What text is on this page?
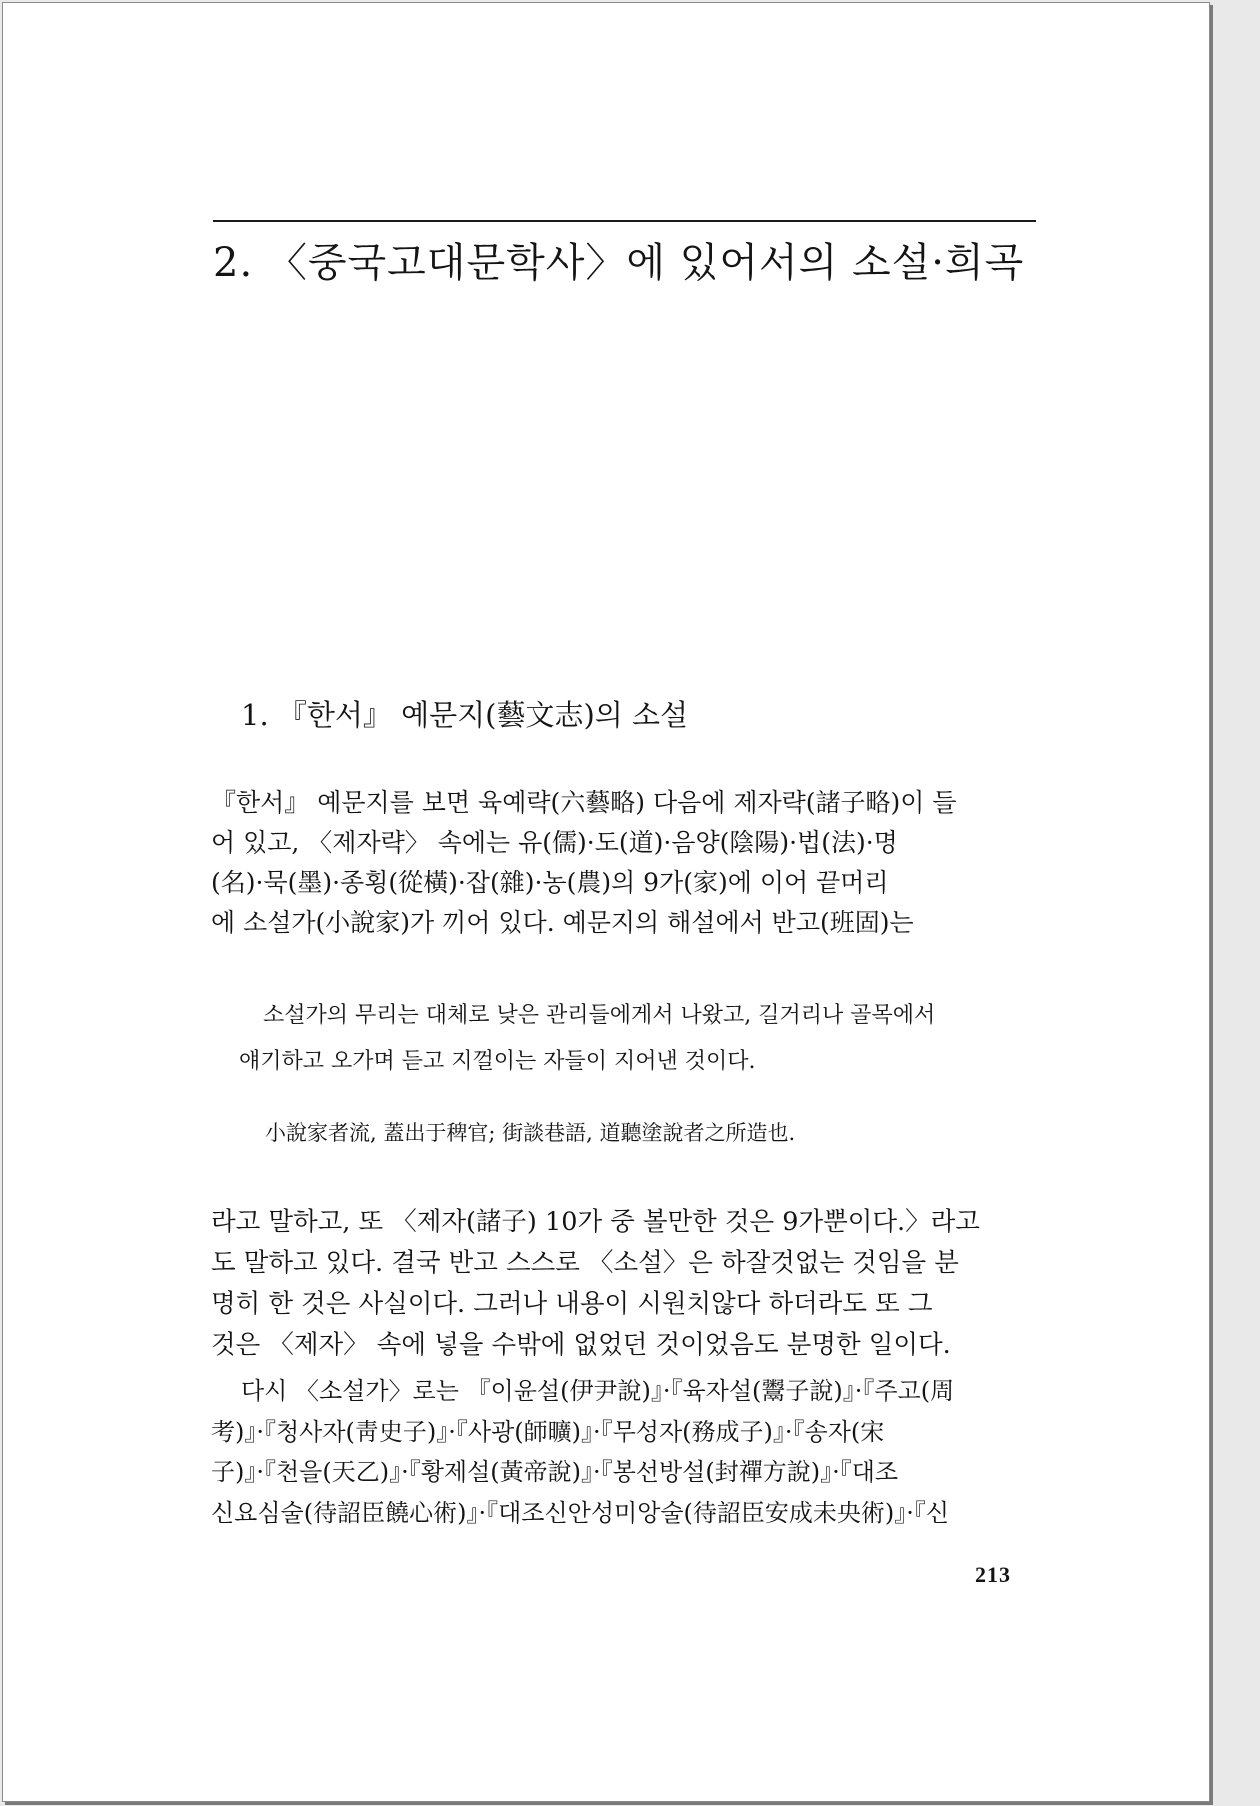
2. 〈중국고대문학사〉에 있어서의 소설·희곡
1. 『한서』 예문지(藝文志)의 소설

『한서』 예문지를 보면 육예략(六藝略) 다음에 제자략(諸子略)이 들
어 있고, 〈제자략〉 속에는 유(儒)·도(道)·음양(陰陽)·법(法)·명
(名)·묵(墨)·종횡(從橫)·잡(雜)·농(農)의 9가(家)에 이어 끝머리
에 소설가(小說家)가 끼어 있다. 예문지의 해설에서 반고(班固)는

소설가의 무리는 대체로 낮은 관리들에게서 나왔고, 길거리나 골목에서
얘기하고 오가며 듣고 지껄이는 자들이 지어낸 것이다.

小說家者流, 蓋出于稗官; 街談巷語, 道聽塗說者之所造也.

라고 말하고, 또 〈제자(諸子) 10가 중 볼만한 것은 9가뿐이다.〉라고
도 말하고 있다. 결국 반고 스스로 〈소설〉은 하잘것없는 것임을 분
명히 한 것은 사실이다. 그러나 내용이 시원치않다 하더라도 또 그
것은 〈제자〉 속에 넣을 수밖에 없었던 것이었음도 분명한 일이다.

다시 〈소설가〉로는 『이윤설(伊尹說)』·『육자설(鬻子說)』·『주고(周
考)』·『청사자(靑史子)』·『사광(師曠)』·『무성자(務成子)』·『송자(宋
子)』·『천을(天乙)』·『황제설(黃帝說)』·『봉선방설(封禪方說)』·『대조
신요심술(待詔臣饒心術)』·『대조신안성미앙술(待詔臣安成未央術)』·『신

213
